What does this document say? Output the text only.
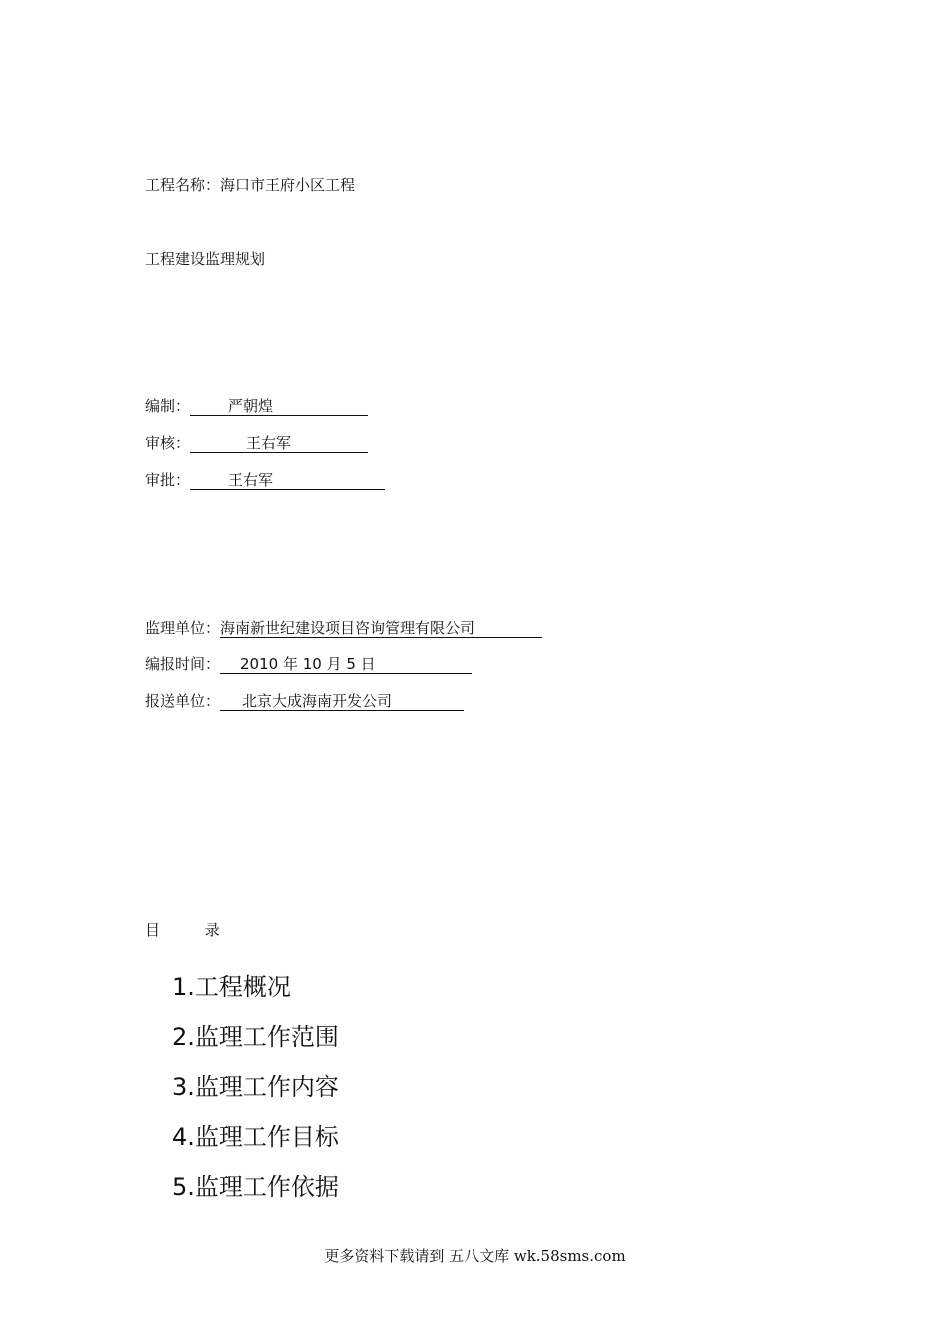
工程名称：海口市王府小区工程
工程建设监理规划
编制：	严朝煌
审核：	王右军
审批：	王右军
监理单位：海南新世纪建设项目咨询管理有限公司
编报时间： 2010 年 10 月 5 日
报送单位： 北京大成海南开发公司
目 录
1.工程概况
2.监理工作范围
3.监理工作内容
4.监理工作目标
5.监理工作依据
更多资料下载请到 五八文库 wk.58sms.com
